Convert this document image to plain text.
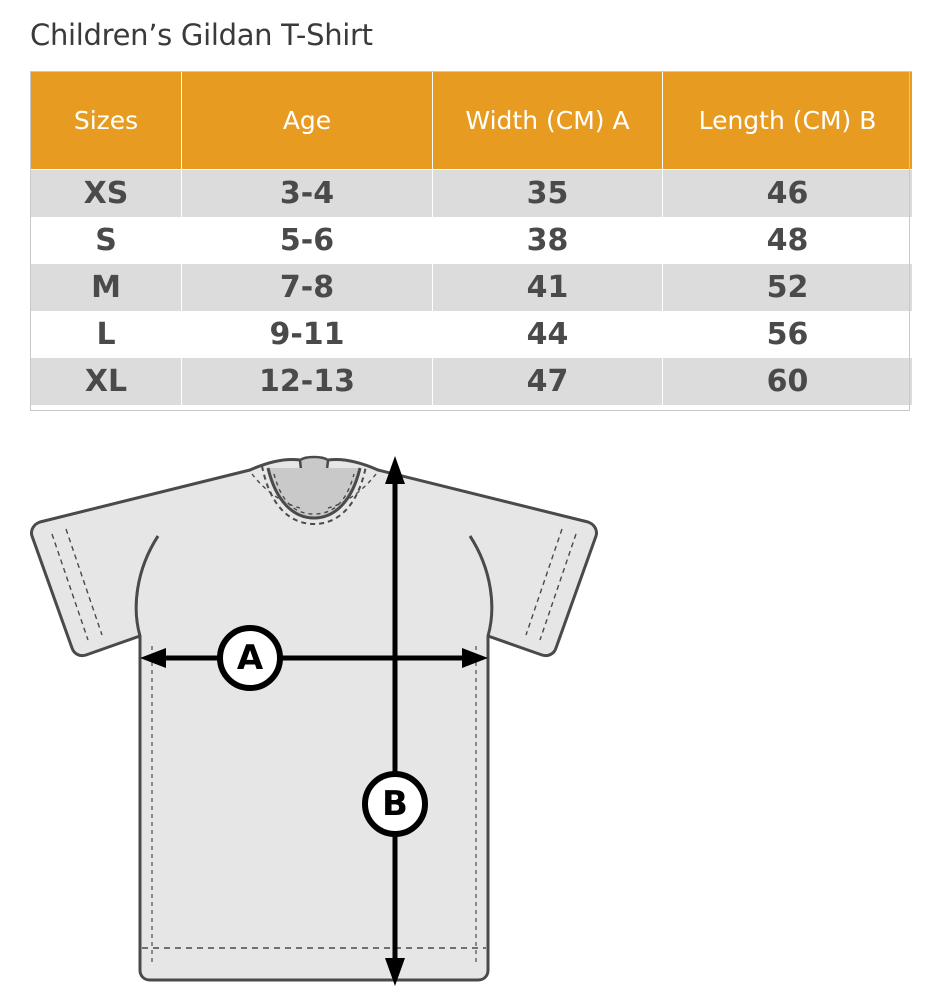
Children’s Gildan T-Shirt
Sizes	Age	Width (CM) A	Length (CM) B
XS	3-4	35	46
S	5-6	38	48
M	7-8	41	52
L	9-11	44	56
XL	12-13	47	60
A
B
